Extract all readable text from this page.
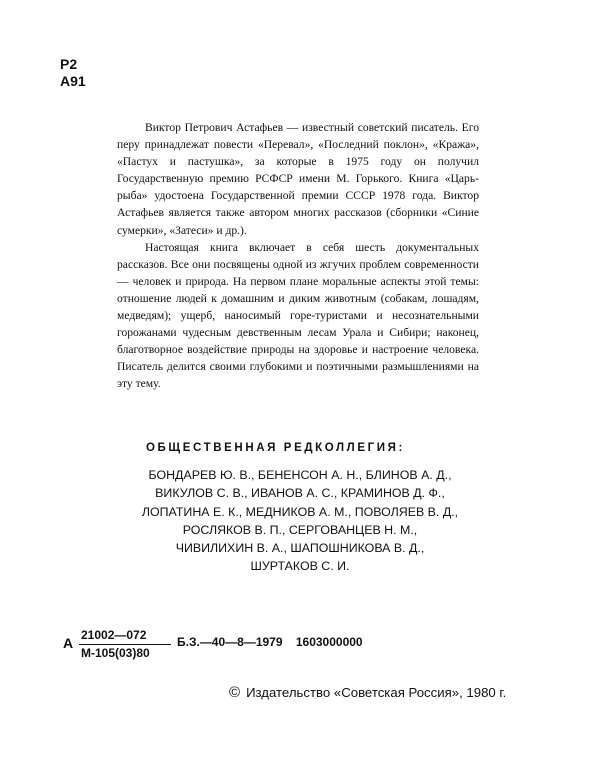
Р2
А91

Виктор Петрович Астафьев — известный советский писатель. Его перу принадлежат повести «Перевал», «Последний поклон», «Кража», «Пастух и пастушка», за которые в 1975 году он получил Государственную премию РСФСР имени М. Горького. Книга «Царь-рыба» удостоена Государственной премии СССР 1978 года. Виктор Астафьев является также автором многих рассказов (сборники «Синие сумерки», «Затеси» и др.).

Настоящая книга включает в себя шесть документальных рассказов. Все они посвящены одной из жгучих проблем современности — человек и природа. На первом плане моральные аспекты этой темы: отношение людей к домашним и диким животным (собакам, лошадям, медведям); ущерб, наносимый горе-туристами и несознательными горожанами чудесным девственным лесам Урала и Сибири; наконец, благотворное воздействие природы на здоровье и настроение человека. Писатель делится своими глубокими и поэтичными размышлениями на эту тему.

ОБЩЕСТВЕННАЯ РЕДКОЛЛЕГИЯ:
БОНДАРЕВ Ю. В., БЕНЕНСОН А. Н., БЛИНОВ А. Д.,
ВИКУЛОВ С. В., ИВАНОВ А. С., КРАМИНОВ Д. Ф.,
ЛОПАТИНА Е. К., МЕДНИКОВ А. М., ПОВОЛЯЕВ В. Д.,
РОСЛЯКОВ В. П., СЕРГОВАНЦЕВ Н. М.,
ЧИВИЛИХИН В. А., ШАПОШНИКОВА В. Д.,
ШУРТАКОВ С. И.
А 21002—072
М-105(03)80
Б.З.—40—8—1979 1603000000
© Издательство «Советская Россия», 1980 г.
